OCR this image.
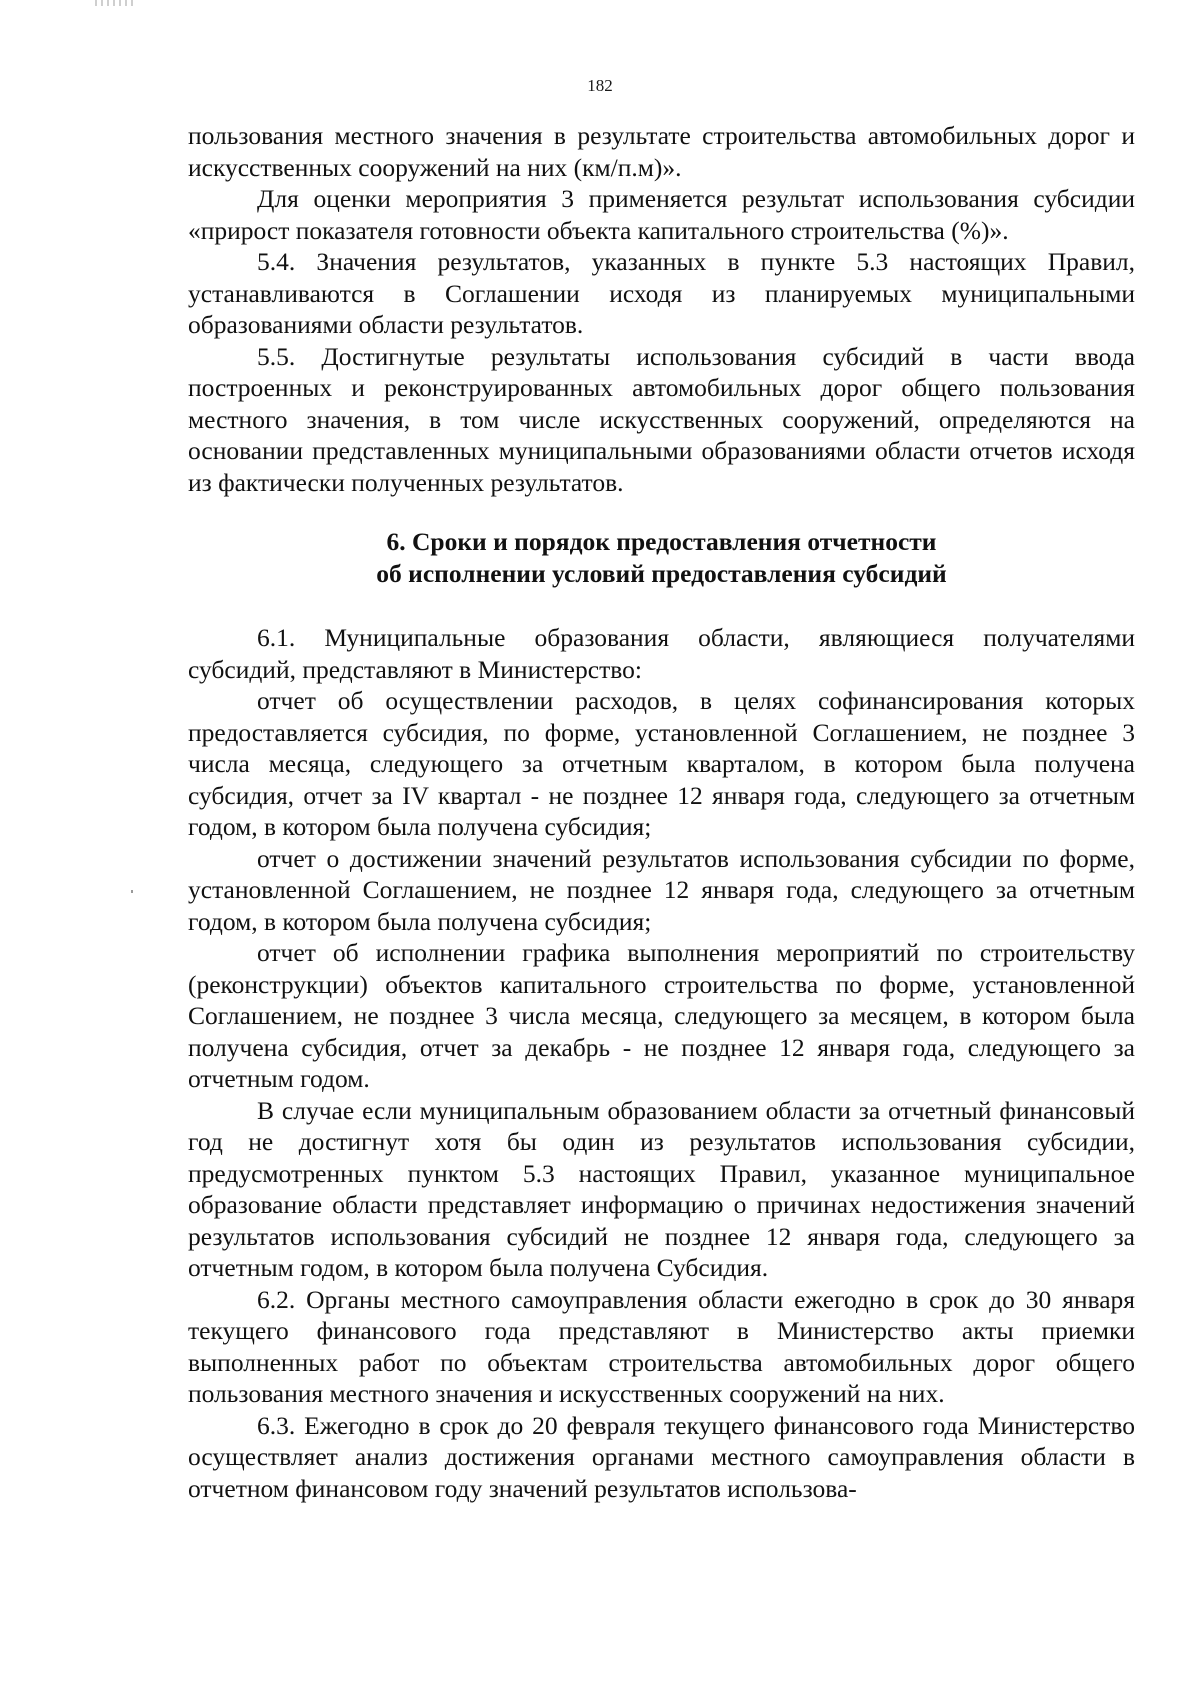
182

пользования местного значения в результате строительства автомобильных дорог и искусственных сооружений на них (км/п.м)».

Для оценки мероприятия 3 применяется результат использования субсидии «прирост показателя готовности объекта капитального строительства (%)».

5.4. Значения результатов, указанных в пункте 5.3 настоящих Правил, устанавливаются в Соглашении исходя из планируемых муниципальными образованиями области результатов.

5.5. Достигнутые результаты использования субсидий в части ввода построенных и реконструированных автомобильных дорог общего пользования местного значения, в том числе искусственных сооружений, определяются на основании представленных муниципальными образованиями области отчетов исходя из фактически полученных результатов.

6. Сроки и порядок предоставления отчетности
об исполнении условий предоставления субсидий

6.1. Муниципальные образования области, являющиеся получателями субсидий, представляют в Министерство:

отчет об осуществлении расходов, в целях софинансирования которых предоставляется субсидия, по форме, установленной Соглашением, не позднее 3 числа месяца, следующего за отчетным кварталом, в котором была получена субсидия, отчет за IV квартал - не позднее 12 января года, следующего за отчетным годом, в котором была получена субсидия;

отчет о достижении значений результатов использования субсидии по форме, установленной Соглашением, не позднее 12 января года, следующего за отчетным годом, в котором была получена субсидия;

отчет об исполнении графика выполнения мероприятий по строительству (реконструкции) объектов капитального строительства по форме, установленной Соглашением, не позднее 3 числа месяца, следующего за месяцем, в котором была получена субсидия, отчет за декабрь - не позднее 12 января года, следующего за отчетным годом.

В случае если муниципальным образованием области за отчетный финансовый год не достигнут хотя бы один из результатов использования субсидии, предусмотренных пунктом 5.3 настоящих Правил, указанное муниципальное образование области представляет информацию о причинах недостижения значений результатов использования субсидий не позднее 12 января года, следующего за отчетным годом, в котором была получена Субсидия.

6.2. Органы местного самоуправления области ежегодно в срок до 30 января текущего финансового года представляют в Министерство акты приемки выполненных работ по объектам строительства автомобильных дорог общего пользования местного значения и искусственных сооружений на них.

6.3. Ежегодно в срок до 20 февраля текущего финансового года Министерство осуществляет анализ достижения органами местного самоуправления области в отчетном финансовом году значений результатов использова-
